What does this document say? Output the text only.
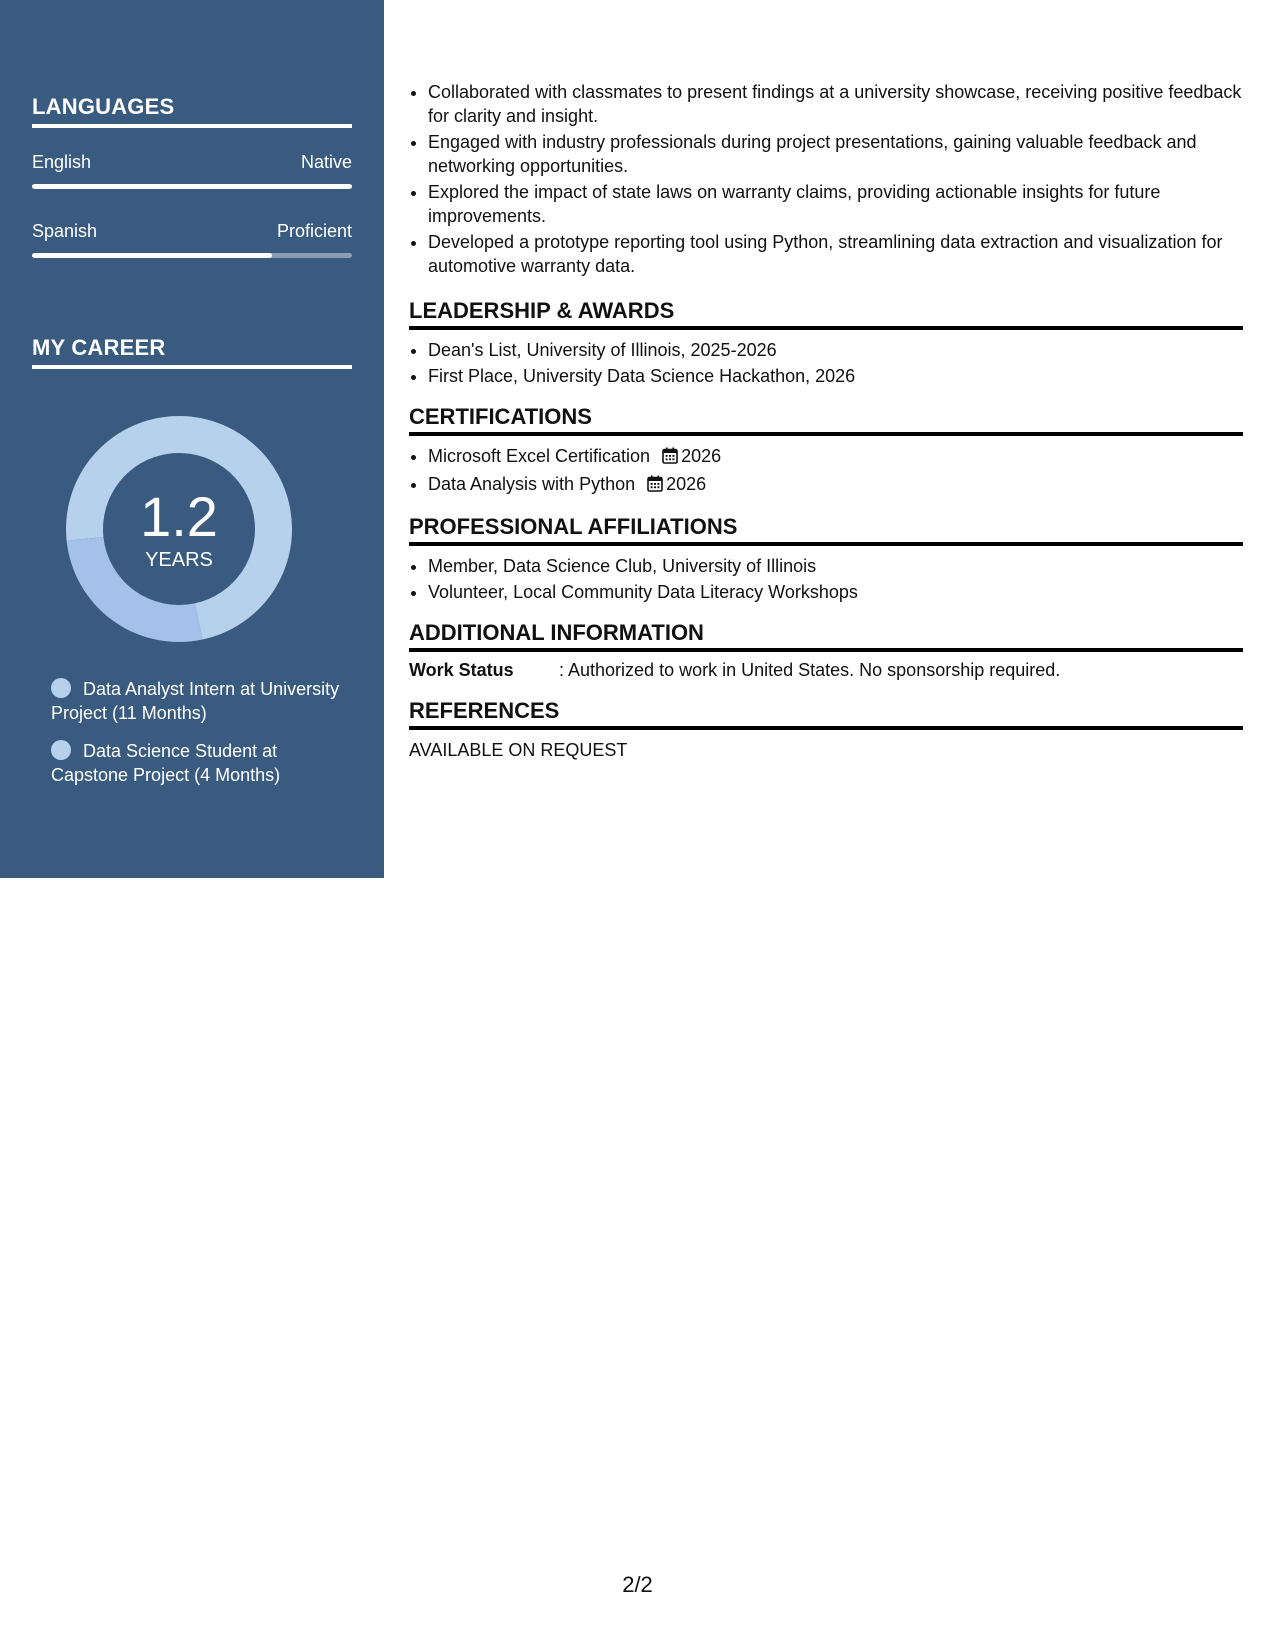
LANGUAGES
English	Native
Spanish	Proficient
MY CAREER
1.2
YEARS
Data Analyst Intern at University Project (11 Months)
Data Science Student at Capstone Project (4 Months)
• Collaborated with classmates to present findings at a university showcase, receiving positive feedback for clarity and insight.
• Engaged with industry professionals during project presentations, gaining valuable feedback and networking opportunities.
• Explored the impact of state laws on warranty claims, providing actionable insights for future improvements.
• Developed a prototype reporting tool using Python, streamlining data extraction and visualization for automotive warranty data.
LEADERSHIP & AWARDS
• Dean's List, University of Illinois, 2025-2026
• First Place, University Data Science Hackathon, 2026
CERTIFICATIONS
• Microsoft Excel Certification 2026
• Data Analysis with Python 2026
PROFESSIONAL AFFILIATIONS
• Member, Data Science Club, University of Illinois
• Volunteer, Local Community Data Literacy Workshops
ADDITIONAL INFORMATION
Work Status	: Authorized to work in United States. No sponsorship required.
REFERENCES
AVAILABLE ON REQUEST
2/2
